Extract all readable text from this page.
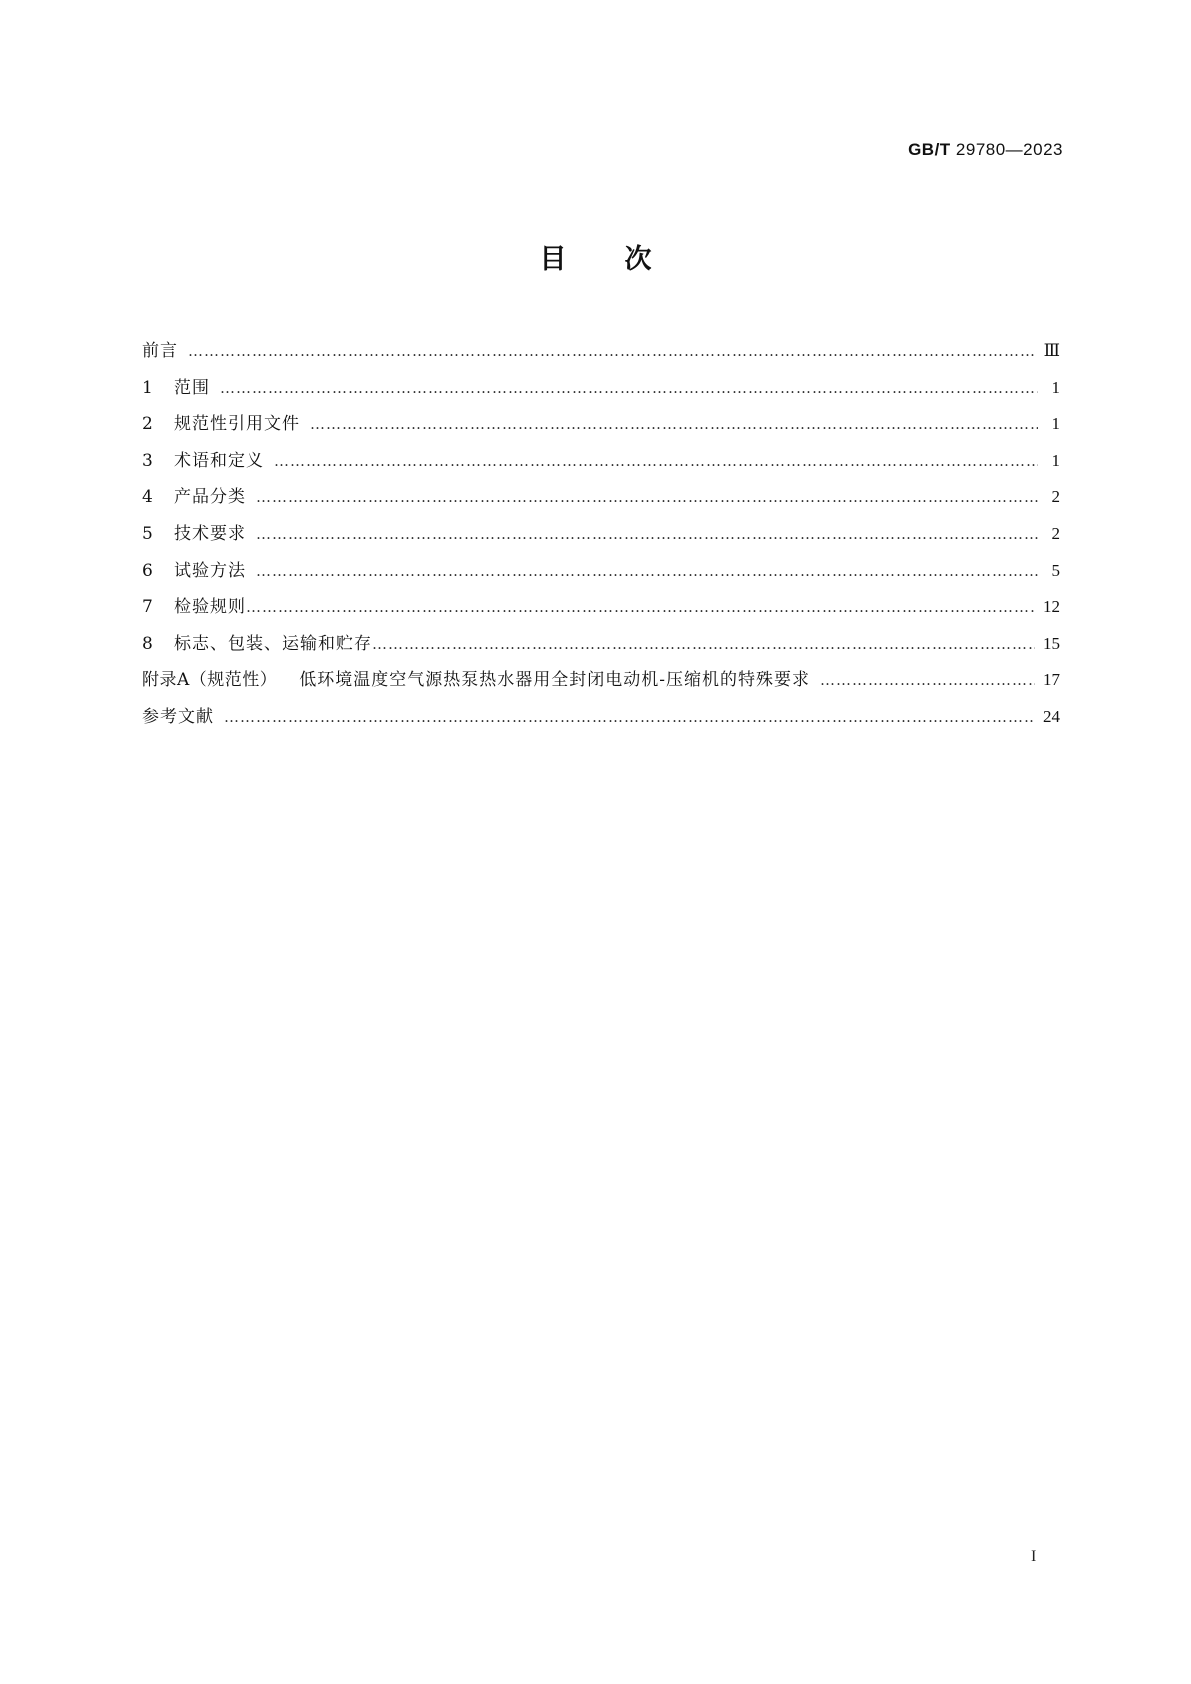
GB/T 29780—2023
目次
前言 ……………………………………………………………………………………………………………………………………………………………………………………	Ⅲ
1	范围 ……………………………………………………………………………………………………………………………………………………………………………………	1
2	规范性引用文件 ……………………………………………………………………………………………………………………………………………………………………………………	1
3	术语和定义 ……………………………………………………………………………………………………………………………………………………………………………………	1
4	产品分类 ……………………………………………………………………………………………………………………………………………………………………………………	2
5	技术要求 ……………………………………………………………………………………………………………………………………………………………………………………	2
6	试验方法 ……………………………………………………………………………………………………………………………………………………………………………………	5
7	检验规则 ……………………………………………………………………………………………………………………………………………………………………………………	12
8	标志、包装、运输和贮存 ……………………………………………………………………………………………………………………………………………………………………………………	15
附录A（规范性） 低环境温度空气源热泵热水器用全封闭电动机-压缩机的特殊要求 ……………………………………………………………………………………………………………………………………………………………………………………	17
参考文献 ……………………………………………………………………………………………………………………………………………………………………………………	24
I
